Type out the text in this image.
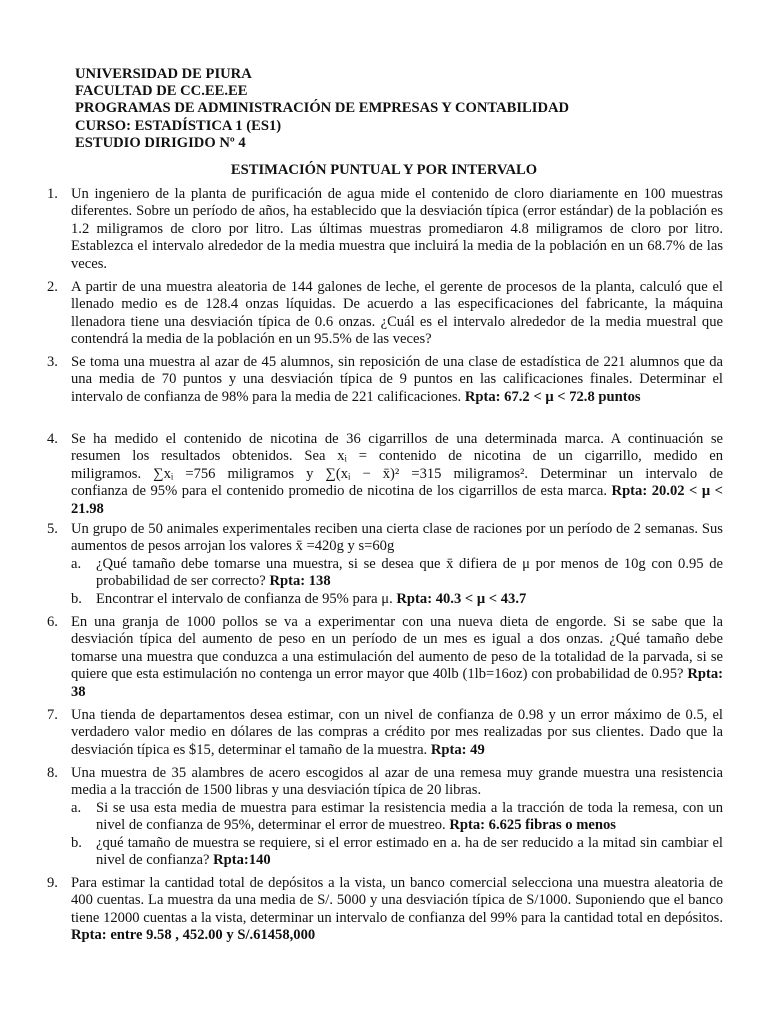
UNIVERSIDAD DE PIURA
FACULTAD DE CC.EE.EE
PROGRAMAS DE ADMINISTRACIÓN DE EMPRESAS Y CONTABILIDAD
CURSO: ESTADÍSTICA 1 (ES1)
ESTUDIO DIRIGIDO Nº 4
ESTIMACIÓN PUNTUAL Y POR INTERVALO
1. Un ingeniero de la planta de purificación de agua mide el contenido de cloro diariamente en 100 muestras diferentes. Sobre un período de años, ha establecido que la desviación típica (error estándar) de la población es 1.2 miligramos de cloro por litro. Las últimas muestras promediaron 4.8 miligramos de cloro por litro. Establezca el intervalo alrededor de la media muestra que incluirá la media de la población en un 68.7% de las veces.
2. A partir de una muestra aleatoria de 144 galones de leche, el gerente de procesos de la planta, calculó que el llenado medio es de 128.4 onzas líquidas. De acuerdo a las especificaciones del fabricante, la máquina llenadora tiene una desviación típica de 0.6 onzas. ¿Cuál es el intervalo alrededor de la media muestral que contendrá la media de la población en un 95.5% de las veces?
3. Se toma una muestra al azar de 45 alumnos, sin reposición de una clase de estadística de 221 alumnos que da una media de 70 puntos y una desviación típica de 9 puntos en las calificaciones finales. Determinar el intervalo de confianza de 98% para la media de 221 calificaciones. Rpta: 67.2 < μ < 72.8 puntos
4. Se ha medido el contenido de nicotina de 36 cigarrillos de una determinada marca. A continuación se
resumen los resultados obtenidos. Sea xᵢ = contenido de nicotina de un cigarrillo, medido en
miligramos. ∑xᵢ =756 miligramos y ∑(xᵢ − x̄)² =315 miligramos². Determinar un intervalo de
confianza de 95% para el contenido promedio de nicotina de los cigarrillos de esta marca. Rpta: 20.02 < μ < 21.98
5. Un grupo de 50 animales experimentales reciben una cierta clase de raciones por un período de 2 semanas. Sus aumentos de pesos arrojan los valores x̄ =420g y s=60g
a. ¿Qué tamaño debe tomarse una muestra, si se desea que x̄ difiera de μ por menos de 10g con 0.95 de probabilidad de ser correcto? Rpta: 138
b. Encontrar el intervalo de confianza de 95% para μ. Rpta: 40.3 < μ < 43.7
6. En una granja de 1000 pollos se va a experimentar con una nueva dieta de engorde. Si se sabe que la desviación típica del aumento de peso en un período de un mes es igual a dos onzas. ¿Qué tamaño debe tomarse una muestra que conduzca a una estimulación del aumento de peso de la totalidad de la parvada, si se quiere que esta estimulación no contenga un error mayor que 40lb (1lb=16oz) con probabilidad de 0.95? Rpta: 38
7. Una tienda de departamentos desea estimar, con un nivel de confianza de 0.98 y un error máximo de 0.5, el verdadero valor medio en dólares de las compras a crédito por mes realizadas por sus clientes. Dado que la desviación típica es $15, determinar el tamaño de la muestra. Rpta: 49
8. Una muestra de 35 alambres de acero escogidos al azar de una remesa muy grande muestra una resistencia media a la tracción de 1500 libras y una desviación típica de 20 libras.
a. Si se usa esta media de muestra para estimar la resistencia media a la tracción de toda la remesa, con un nivel de confianza de 95%, determinar el error de muestreo. Rpta: 6.625 fibras o menos
b. ¿qué tamaño de muestra se requiere, si el error estimado en a. ha de ser reducido a la mitad sin cambiar el nivel de confianza? Rpta:140
9. Para estimar la cantidad total de depósitos a la vista, un banco comercial selecciona una muestra aleatoria de 400 cuentas. La muestra da una media de S/. 5000 y una desviación típica de S/1000. Suponiendo que el banco tiene 12000 cuentas a la vista, determinar un intervalo de confianza del 99% para la cantidad total en depósitos. Rpta: entre 9.58 , 452.00 y S/.61458,000
